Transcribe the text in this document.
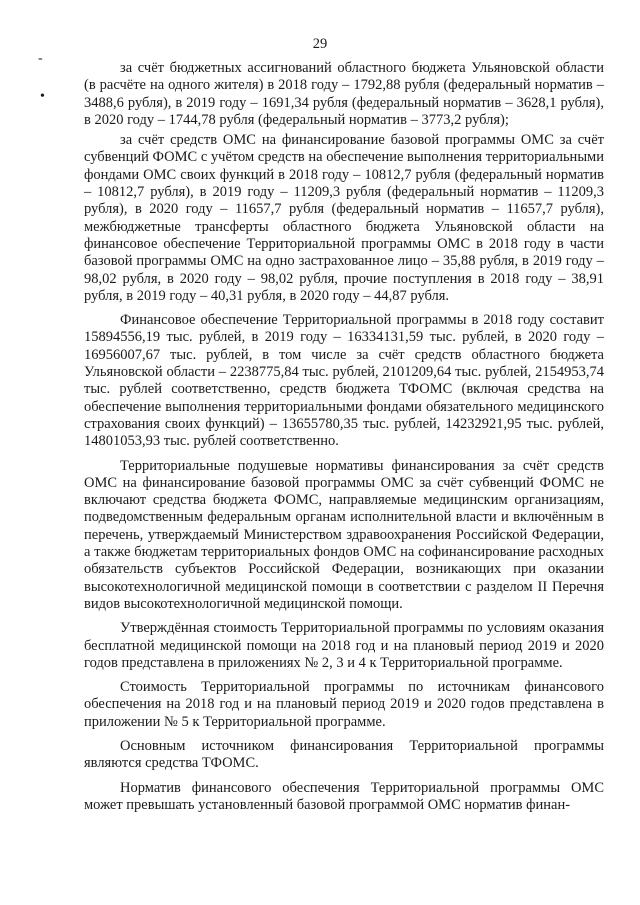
29
-
•

за счёт бюджетных ассигнований областного бюджета Ульяновской области (в расчёте на одного жителя) в 2018 году – 1792,88 рубля (федеральный норматив – 3488,6 рубля), в 2019 году – 1691,34 рубля (федеральный норматив – 3628,1 рубля), в 2020 году – 1744,78 рубля (федеральный норматив – 3773,2 рубля);

за счёт средств ОМС на финансирование базовой программы ОМС за счёт субвенций ФОМС с учётом средств на обеспечение выполнения территориальными фондами ОМС своих функций в 2018 году – 10812,7 рубля (федеральный норматив – 10812,7 рубля), в 2019 году – 11209,3 рубля (федеральный норматив – 11209,3 рубля), в 2020 году – 11657,7 рубля (федеральный норматив – 11657,7 рубля), межбюджетные трансферты областного бюджета Ульяновской области на финансовое обеспечение Территориальной программы ОМС в 2018 году в части базовой программы ОМС на одно застрахованное лицо – 35,88 рубля, в 2019 году – 98,02 рубля, в 2020 году – 98,02 рубля, прочие поступления в 2018 году – 38,91 рубля, в 2019 году – 40,31 рубля, в 2020 году – 44,87 рубля.

Финансовое обеспечение Территориальной программы в 2018 году составит 15894556,19 тыс. рублей, в 2019 году – 16334131,59 тыс. рублей, в 2020 году – 16956007,67 тыс. рублей, в том числе за счёт средств областного бюджета Ульяновской области – 2238775,84 тыс. рублей, 2101209,64 тыс. рублей, 2154953,74 тыс. рублей соответственно, средств бюджета ТФОМС (включая средства на обеспечение выполнения территориальными фондами обязательного медицинского страхования своих функций) – 13655780,35 тыс. рублей, 14232921,95 тыс. рублей, 14801053,93 тыс. рублей соответственно.

Территориальные подушевые нормативы финансирования за счёт средств ОМС на финансирование базовой программы ОМС за счёт субвенций ФОМС не включают средства бюджета ФОМС, направляемые медицинским организациям, подведомственным федеральным органам исполнительной власти и включённым в перечень, утверждаемый Министерством здравоохранения Российской Федерации, а также бюджетам территориальных фондов ОМС на софинансирование расходных обязательств субъектов Российской Федерации, возникающих при оказании высокотехнологичной медицинской помощи в соответствии с разделом II Перечня видов высокотехнологичной медицинской помощи.

Утверждённая стоимость Территориальной программы по условиям оказания бесплатной медицинской помощи на 2018 год и на плановый период 2019 и 2020 годов представлена в приложениях № 2, 3 и 4 к Территориальной программе.

Стоимость Территориальной программы по источникам финансового обеспечения на 2018 год и на плановый период 2019 и 2020 годов представлена в приложении № 5 к Территориальной программе.

Основным источником финансирования Территориальной программы являются средства ТФОМС.

Норматив финансового обеспечения Территориальной программы ОМС может превышать установленный базовой программой ОМС норматив финан-
